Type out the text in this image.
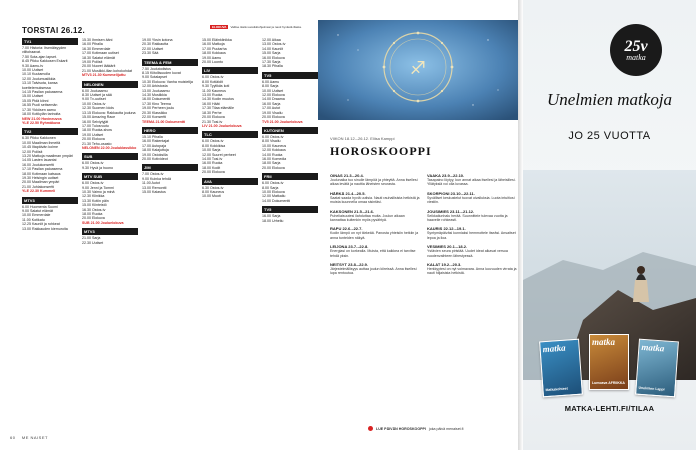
TORSTAI 26.12.	ELOKUVA	Valitse tästä suosikkiohjelmasi ja nauti hyvästä illasta.
TV1
7.00 Historia: Itsenäisyyden viiltohaavat.
7.50 Sota-ajan lapset.
8.45 Pikku Kakkosen Eskarit
9.30 Aamu-tv
10.00 Uutiset
10.10 Kuutamolla
12.00 Joulumusiikkia
13.10 Talvisota, kansa koettelemuksessa
14.15 Pasilan paloasema
15.00 Uutiset
15.05 Pidä kiinni
16.55 Puoli seitsemän
17.30 Ykkösen aamu
18.00 Kotikylän tarinoita
NEW 21.00 Hovineuvos
YLE 22.50 Ryhmäkuva
TV2
6.30 Pikku Kakkonen
10.00 Maailman ihmeitä
10.45 Iltapäivän kolme
12.00 Poliisit
13.20 Matkoja maailman ympäri
14.05 Lasten lauantai
16.00 Joulukonsertti
17.10 Pasilan paloasema
18.00 Kotimaan katsaus
19.30 Helsingin uutiset
20.00 Maailman ympäri
21.00 Juhlakonsertti
YLE 22.30 Kummeli
MTV3
6.00 Huomenta Suomi
9.00 Salatut elämät
10.00 Emmerdale
11.00 Kotikatu
12.25 Kauniit ja rohkeat
13.00 Rakkauden kiemuroita
15.30 Ihmisen ääni
16.00 Pihalla
16.30 Emmerdale
17.00 Kotimaan uutiset
18.30 Salatut elämät
19.00 Poliisit
20.00 Nuoret lääkärit
21.00 Musiikki-illan kohokohdat
MTV3 21.30 Kummelijuttu
NELONEN
6.00 Jouluaamu
8.30 Uutiset ja sää
9.00 Tv-uutiset
10.00 Ostos-tv
12.30 Suomen Idols
13.15 Elokuva: Rakkautta jouluna
15.00 Amazing Race
16.00 Selviytyjät
17.00 Tulosruutu
18.00 Ruoka-show
19.00 Uutiset
20.00 Elokuva
21.30 Teho-osasto
NELONEN 22.00 Jouluklassikko
SUB
6.00 Ostos-tv
9.30 Hyvä ja huono
MTV SUB
6.00 Ostos-tv
9.00 Jenni ja Tommi
10.30 Vaimo ja minä
12.30 Klinikka
13.30 Kotiin päin
15.00 Kiinteistö
16.30 Ostos-tv
18.00 Ruoka
20.00 Elokuva
SUB 21.00 Jouluelokuva
MTV3
21.00 Sarja
22.30 Uutiset
19.00 Yksin kotona
20.30 Rakkautta
22.00 Uutiset
23.30 Sää
TEEMA & FEM
7.50 Joulutodistus
8.15 Kiitollisuuden kuvat
9.00 Sotalapset
10.30 Elokuva: Vanha muistelija
12.00 Arkistosta
13.00 Jouluaamu
14.30 Musiikkia
16.00 Dokumentti
17.30 Kino Teema
19.00 Perheen joulu
20.30 Klassikko
22.00 Konsertti
TEEMA 21.00 Dokumentti
HERO
15.10 Pihalla
16.00 Rakentajat
17.00 Autopaja
18.00 Kalajuttuja
19.00 Ostoksilla
20.00 Kotivideot
JIM
7.00 Ostos-tv
9.00 Kuinka tehdä
11.00 Autot
13.00 Remontti
15.00 Kalastus
15.00 Eläinklinikka
16.00 Matkoja
17.00 Puutarha
18.00 Kokkaus
19.00 Aamu
20.00 Luonto
LIV
6.00 Ostos-tv
8.00 Kotiäidit
9.30 Tyylikäs koti
11.00 Kauneus
13.00 Ruoka
14.30 Kodin muutos
16.00 Häät
17.30 Tilaa elämälle
18.30 Perhe
20.00 Elokuva
21.30 Tosi-tv
LIV 21.00 Jouluelokuva
TLC
6.00 Ostos-tv
8.00 Kokkikisa
10.00 Sarja
12.00 Suuret perheet
14.00 Tosi-tv
16.00 Ruoka
18.00 Kodit
20.00 Elokuva
AVA
6.30 Ostos-tv
8.00 Kauneus
10.00 Muoti
12.00 Aikaa
13.00 Ostos-tv
14.00 Kauniit
15.00 Sarja
16.00 Elokuva
17.30 Sarja
18.30 Pihalla
TV5
6.00 Aamu
8.00 Sarja
10.00 Uutiset
12.00 Elokuva
14.00 Draama
16.00 Sarja
17.00 Autot
19.00 Visailu
20.00 Elokuva
TV5 21.00 Jouluelokuva
KUTONEN
6.00 Ostos-tv
8.00 Visailu
10.00 Kauneus
12.00 Kokkaus
14.00 Ruoka
16.00 Komedia
18.00 Sarja
20.00 Elokuva
FRII
6.00 Ostos-tv
8.00 Sarja
10.00 Elokuva
12.00 Matkailu
14.00 Dokumentti
TV5
16.00 Sarja
18.00 Urheilu
♐
VIIKON 18.12.–26.12. Eliisa Kamppi
HOROSKOOPPI
OINAS 21.3.–20.4.
Joulunaika tuo sinulle lämpöä ja yhteyttä. Anna itsellesi aikaa levätä ja nauttia läheisten seurasta.
HÄRKÄ 21.4.–20.5.
Saatat saada hyviä uutisia. Nauti rauhallisista hetkistä ja muista kuunnella omaa sisintäsi.
KAKSONEN 21.5.–21.6.
Puheliaisuutesi ilahduttaa muita. Joulun aikaan kannattaa kuitenkin myös pysähtyä.
RAPU 22.6.–22.7.
Kodin lämpö on nyt tärkeää. Panosta yhteisiin hetkiin ja anna tunteiden näkyä.
LEIJONA 23.7.–22.8.
Energiasi on korkealla. Muista, että kaikkea ei tarvitse tehdä yksin.
NEITSYT 23.8.–22.9.
Järjestelmällisyys auttaa joulun kiireissä. Anna itsellesi lupa rentoutua.
VAAKA 23.9.–22.10.
Tasapaino löytyy, kun annat aikaa itsellesi ja läheisillesi. Yllätyksiä voi olla luvassa.
SKORPIONI 23.10.–22.11.
Syvälliset keskustelut tuovat oivalluksia. Luota intuitiosi viestiin.
JOUSIMIES 23.11.–21.12.
Seikkailunhalu herää. Suunnittele tulevaa vuotta ja haaveile rohkeasti.
KAURIS 22.12.–19.1.
Syntymäpäiväsi kunniaksi hemmottele itseäsi. Ansaitset lepoa ja iloa.
VESIMIES 20.1.–18.2.
Ystävien seura piristää. Uudet ideat alkavat versoa vuodenvaihteen lähestyessä.
KALAT 19.2.–20.3.
Herkkyytesi on nyt voimavara. Anna luovuuden virrata ja nauti hiljaisista hetkistä.
LUE PÄIVÄN HOROSKOOPPI joka päivä menaiset.fi
60 ME NAISET
25v
matka
Unelmien matkoja
JO 25 VUOTTA
matka
Matkakohteet
matka
Lumoava AFRIIKKA
matka
Unelmien Lappi
MATKA-LEHTI.FI/TILAA
